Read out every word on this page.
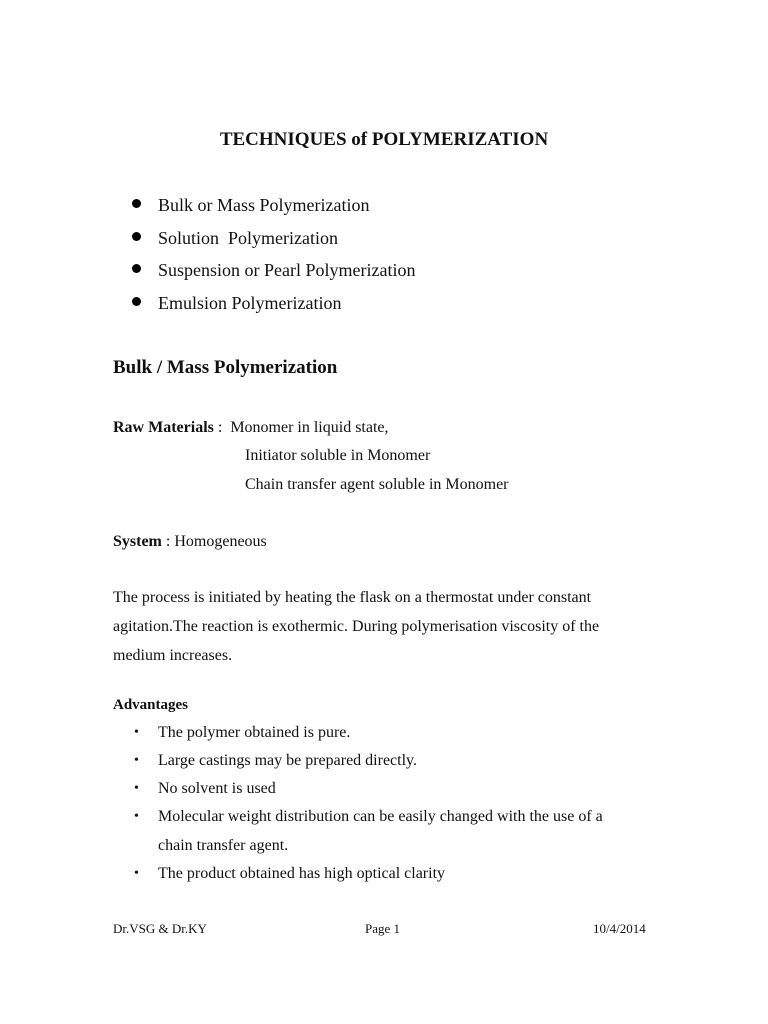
TECHNIQUES of POLYMERIZATION
Bulk or Mass Polymerization
Solution  Polymerization
Suspension or Pearl Polymerization
Emulsion Polymerization
Bulk / Mass Polymerization
Raw Materials :  Monomer in liquid state,
Initiator soluble in Monomer
Chain transfer agent soluble in Monomer
System : Homogeneous
The process is initiated by heating the flask on a thermostat under constant
agitation.The reaction is exothermic. During polymerisation viscosity of the
medium increases.
Advantages
• The polymer obtained is pure.
• Large castings may be prepared directly.
• No solvent is used
• Molecular weight distribution can be easily changed with the use of a
chain transfer agent.
• The product obtained has high optical clarity
Dr.VSG & Dr.KY	Page 1	10/4/2014
